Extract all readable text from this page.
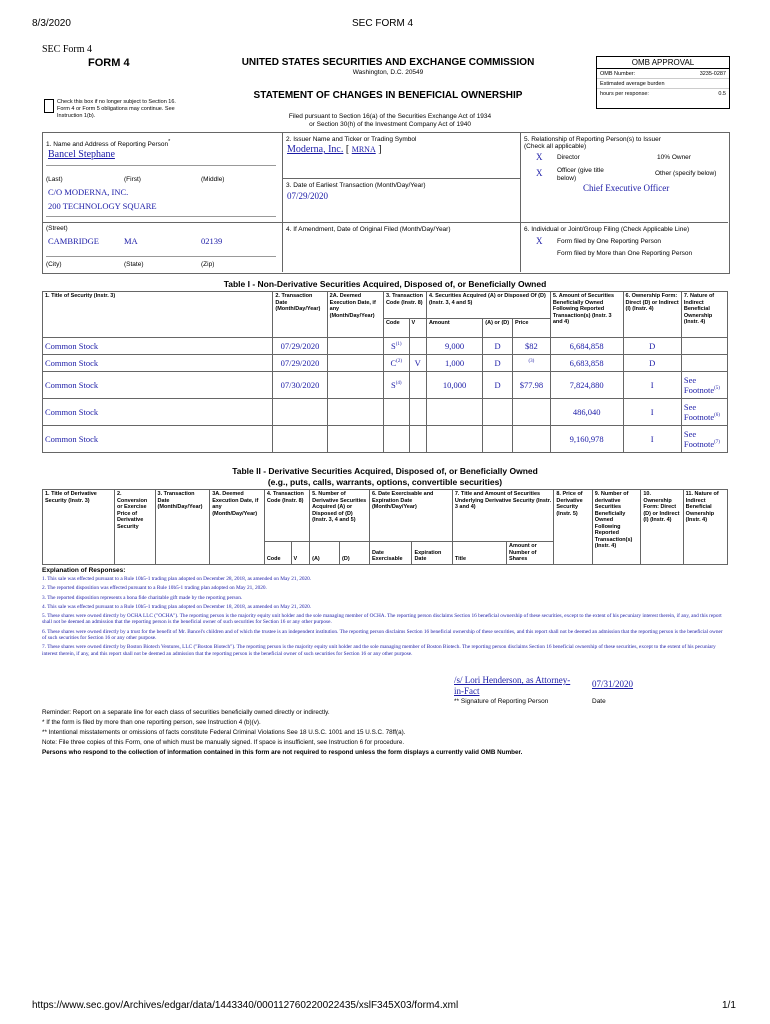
8/3/2020	SEC FORM 4
SEC Form 4
FORM 4	UNITED STATES SECURITIES AND EXCHANGE COMMISSION
Washington, D.C. 20549
STATEMENT OF CHANGES IN BENEFICIAL OWNERSHIP
OMB APPROVAL
OMB Number:	3235-0287
Estimated average burden
hours per response:	0.5
Check this box if no longer subject to Section 16. Form 4 or Form 5 obligations may continue. See Instruction 1(b).	Filed pursuant to Section 16(a) of the Securities Exchange Act of 1934
or Section 30(h) of the Investment Company Act of 1940
1. Name and Address of Reporting Person*
Bancel Stephane
(Last)	(First)	(Middle)
C/O MODERNA, INC.
200 TECHNOLOGY SQUARE
(Street)
CAMBRIDGE	MA	02139
(City)	(State)	(Zip)
2. Issuer Name and Ticker or Trading Symbol
Moderna, Inc. [ MRNA ]
3. Date of Earliest Transaction (Month/Day/Year)
07/29/2020
4. If Amendment, Date of Original Filed (Month/Day/Year)
5. Relationship of Reporting Person(s) to Issuer
(Check all applicable)
X Director	10% Owner
X Officer (give title below)
Other (specify below)
Chief Executive Officer
6. Individual or Joint/Group Filing (Check Applicable Line)
X Form filed by One Reporting Person
Form filed by More than One Reporting Person
Table I - Non-Derivative Securities Acquired, Disposed of, or Beneficially Owned
1. Title of Security (Instr. 3)	2. Transaction Date (Month/Day/Year)	2A. Deemed Execution Date, if any (Month/Day/Year)	3. Transaction Code (Instr. 8)		4. Securities Acquired (A) or Disposed Of (D) (Instr. 3, 4 and 5)			5. Amount of Securities Beneficially Owned Following Reported Transaction(s) (Instr. 3 and 4)	6. Ownership Form: Direct (D) or Indirect (I) (Instr. 4)	7. Nature of Indirect Beneficial Ownership (Instr. 4)
			Code	V	Amount	(A) or (D)	Price			
Common Stock	07/29/2020		$S^{(1)}$		9,000	D	$82	6,684,858	D	
Common Stock	07/29/2020		$C^{(2)}$	V	1,000	D	$^{(3)}$	6,683,858	D	
Common Stock	07/30/2020		$S^{(4)}$		10,000	D	$77.98	7,824,880	I	See Footnote$^{(5)}$
Common Stock								486,040	I	See Footnote$^{(6)}$
Common Stock								9,160,978	I	See Footnote$^{(7)}$
Table II - Derivative Securities Acquired, Disposed of, or Beneficially Owned
(e.g., puts, calls, warrants, options, convertible securities)
1. Title of Derivative Security (Instr. 3)	2. Conversion or Exercise Price of Derivative Security	3. Transaction Date (Month/Day/Year)	3A. Deemed Execution Date, if any (Month/Day/Year)	4. Transaction Code (Instr. 8)		5. Number of Derivative Securities Acquired (A) or Disposed of (D) (Instr. 3, 4 and 5)		6. Date Exercisable and Expiration Date (Month/Day/Year)		7. Title and Amount of Securities Underlying Derivative Security (Instr. 3 and 4)		8. Price of Derivative Security (Instr. 5)	9. Number of derivative Securities Beneficially Owned Following Reported Transaction(s) (Instr. 4)	10. Ownership Form: Direct (D) or Indirect (I) (Instr. 4)	11. Nature of Indirect Beneficial Ownership (Instr. 4)
				Code	V	(A)	(D)	Date Exercisable	Expiration Date	Title	Amount or Number of Shares				
Explanation of Responses:
1. This sale was effected pursuant to a Rule 10b5-1 trading plan adopted on December 28, 2018, as amended on May 21, 2020.
2. The reported disposition was effected pursuant to a Rule 10b5-1 trading plan adopted on May 21, 2020.
3. The reported disposition represents a bona fide charitable gift made by the reporting person.
4. This sale was effected pursuant to a Rule 10b5-1 trading plan adopted on December 18, 2018, as amended on May 21, 2020.
5. These shares were owned directly by OCHA LLC ("OCHA"). The reporting person is the majority equity unit holder and the sole managing member of OCHA. The reporting person disclaims Section 16 beneficial ownership of these securities, except to the extent of his pecuniary interest therein, if any, and this report shall not be deemed an admission that the reporting person is the beneficial owner of such securities for Section 16 or any other purpose.
6. These shares were owned directly by a trust for the benefit of Mr. Bancel's children and of which the trustee is an independent institution. The reporting person disclaims Section 16 beneficial ownership of these securities, and this report shall not be deemed an admission that the reporting person is the beneficial owner of such securities for Section 16 or any other purpose.
7. These shares were owned directly by Boston Biotech Ventures, LLC ("Boston Biotech"). The reporting person is the majority equity unit holder and the sole managing member of Boston Biotech. The reporting person disclaims Section 16 beneficial ownership of these securities, except to the extent of his pecuniary interest therein, if any, and this report shall not be deemed an admission that the reporting person is the beneficial owner of such securities for Section 16 or any other purpose.
/s/ Lori Henderson, as Attorney-in-Fact
07/31/2020
** Signature of Reporting Person	Date
Reminder: Report on a separate line for each class of securities beneficially owned directly or indirectly.
* If the form is filed by more than one reporting person, see Instruction 4 (b)(v).
** Intentional misstatements or omissions of facts constitute Federal Criminal Violations See 18 U.S.C. 1001 and 15 U.S.C. 78ff(a).
Note: File three copies of this Form, one of which must be manually signed. If space is insufficient, see Instruction 6 for procedure.
Persons who respond to the collection of information contained in this form are not required to respond unless the form displays a currently valid OMB Number.
https://www.sec.gov/Archives/edgar/data/1443340/000112760220022435/xslF345X03/form4.xml	1/1
